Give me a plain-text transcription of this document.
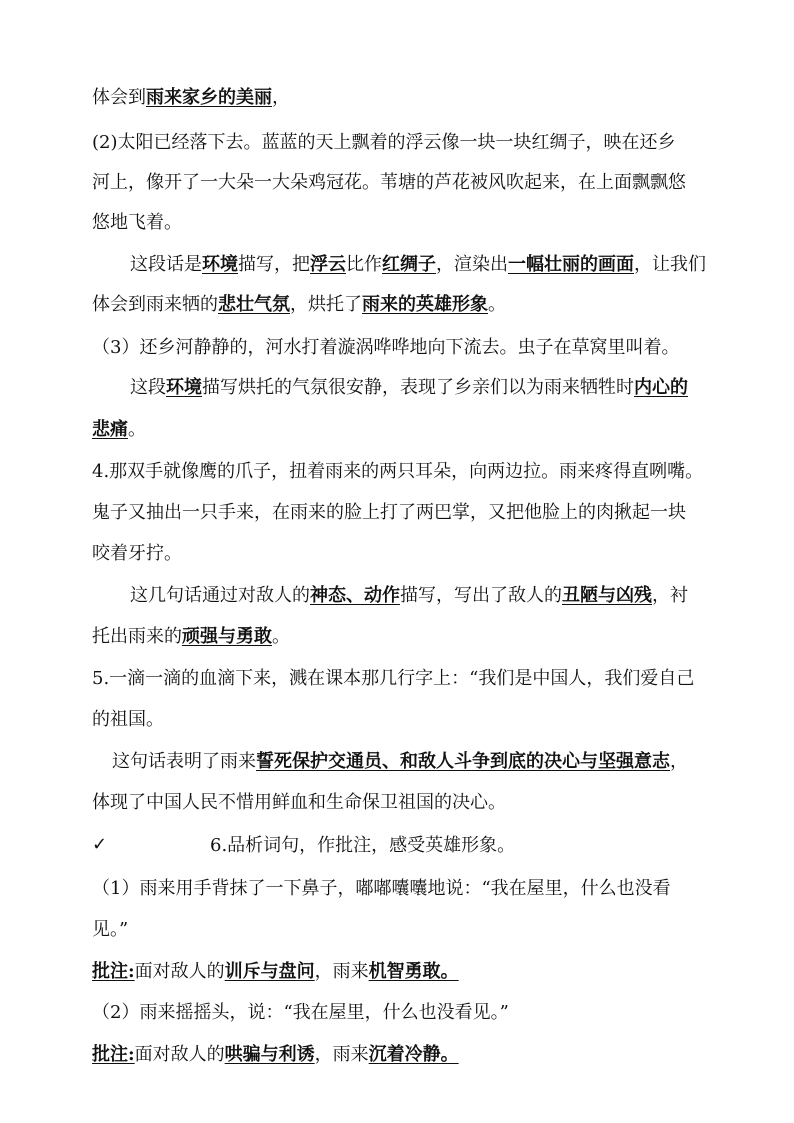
体会到雨来家乡的美丽，
(2)太阳已经落下去。蓝蓝的天上飘着的浮云像一块一块红绸子，映在还乡
河上，像开了一大朵一大朵鸡冠花。苇塘的芦花被风吹起来，在上面飘飘悠
悠地飞着。
这段话是环境描写，把浮云比作红绸子，渲染出一幅壮丽的画面，让我们
体会到雨来牺的悲壮气氛，烘托了雨来的英雄形象。
（3）还乡河静静的，河水打着漩涡哗哗地向下流去。虫子在草窝里叫着。
这段环境描写烘托的气氛很安静，表现了乡亲们以为雨来牺牲时内心的
悲痛。
4.那双手就像鹰的爪子，扭着雨来的两只耳朵，向两边拉。雨来疼得直咧嘴。
鬼子又抽出一只手来，在雨来的脸上打了两巴掌，又把他脸上的肉揪起一块
咬着牙拧。
这几句话通过对敌人的神态、动作描写，写出了敌人的丑陋与凶残，衬
托出雨来的顽强与勇敢。
5.一滴一滴的血滴下来，溅在课本那几行字上：“我们是中国人，我们爱自己
的祖国。
这句话表明了雨来誓死保护交通员、和敌人斗争到底的决心与坚强意志，
体现了中国人民不惜用鲜血和生命保卫祖国的决心。
✓	6.品析词句，作批注，感受英雄形象。
（1）雨来用手背抹了一下鼻子，嘟嘟囔囔地说：“我在屋里，什么也没看
见。”
批注:面对敌人的训斥与盘问，雨来机智勇敢。
（2）雨来摇摇头，说：“我在屋里，什么也没看见。”
批注:面对敌人的哄骗与利诱，雨来沉着冷静。
